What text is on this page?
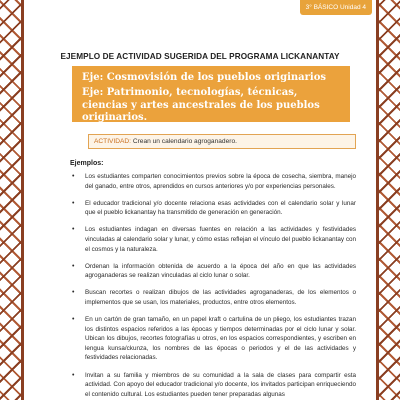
3° BÁSICO Unidad 4
EJEMPLO DE ACTIVIDAD SUGERIDA DEL PROGRAMA LICKANANTAY
Eje: Cosmovisión de los pueblos originarios
Eje: Patrimonio, tecnologías, técnicas, ciencias y artes ancestrales de los pueblos originarios.
ACTIVIDAD: Crean un calendario agroganadero.
Ejemplos:
• Los estudiantes comparten conocimientos previos sobre la época de cosecha, siembra, manejo del ganado, entre otros, aprendidos en cursos anteriores y/o por experiencias personales.
• El educador tradicional y/o docente relaciona esas actividades con el calendario solar y lunar que el pueblo lickanantay ha transmitido de generación en generación.
• Los estudiantes indagan en diversas fuentes en relación a las actividades y festividades vinculadas al calendario solar y lunar, y cómo estas reflejan el vínculo del pueblo lickanantay con el cosmos y la naturaleza.
• Ordenan la información obtenida de acuerdo a la época del año en que las actividades agroganaderas se realizan vinculadas al ciclo lunar o solar.
• Buscan recortes o realizan dibujos de las actividades agroganaderas, de los elementos o implementos que se usan, los materiales, productos, entre otros elementos.
• En un cartón de gran tamaño, en un papel kraft o cartulina de un pliego, los estudiantes trazan los distintos espacios referidos a las épocas y tiempos determinadas por el ciclo lunar y solar. Ubican los dibujos, recortes fotografías u otros, en los espacios correspondientes, y escriben en lengua kunsa/ckunza, los nombres de las épocas o periodos y el de las actividades y festividades relacionadas.
• Invitan a su familia y miembros de su comunidad a la sala de clases para compartir esta actividad. Con apoyo del educador tradicional y/o docente, los invitados participan enriqueciendo el contenido cultural. Los estudiantes pueden tener preparadas algunas
